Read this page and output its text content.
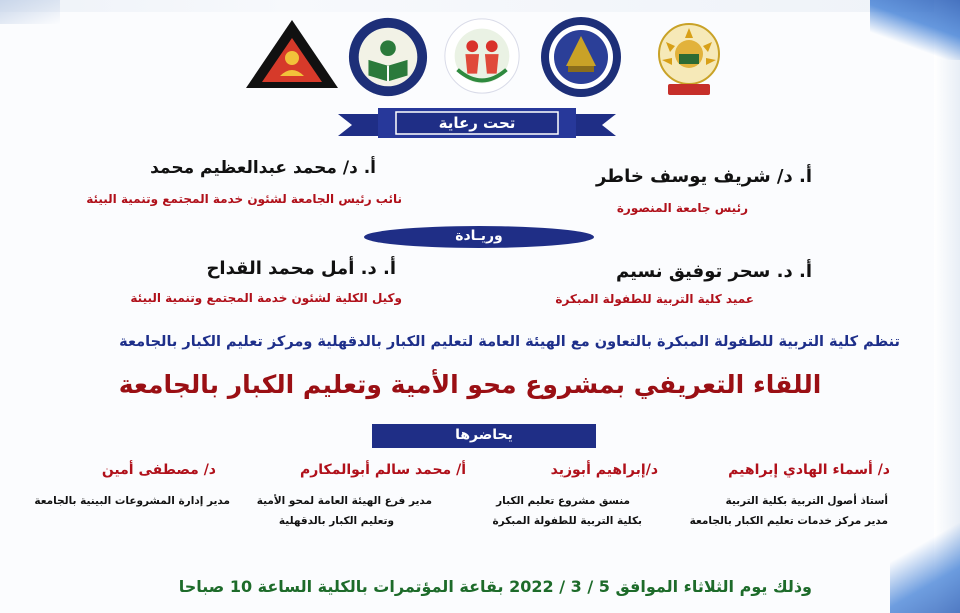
تحت رعاية
أ. د/ شريف يوسف خاطر
رئيس جامعة المنصورة
أ. د/ محمد عبدالعظيم محمد
نائب رئيس الجامعة لشئون خدمة المجتمع وتنمية البيئة
وريـادة
أ. د. سحر توفيق نسيم
عميد كلية التربية للطفولة المبكرة
أ. د. أمل محمد القداح
وكيل الكلية لشئون خدمة المجتمع وتنمية البيئة
تنظم كلية التربية للطفولة المبكرة بالتعاون مع الهيئة العامة لتعليم الكبار بالدقهلية ومركز تعليم الكبار بالجامعة
اللقاء التعريفي بمشروع محو الأمية وتعليم الكبار بالجامعة
يحاضرها
د/ أسماء الهادي إبراهيم
أستاذ أصول التربية بكلية التربية
مدير مركز خدمات تعليم الكبار بالجامعة
د/إبراهيم أبوزيد
منسق مشروع تعليم الكبار
بكلية التربية للطفولة المبكرة
أ/ محمد سالم أبوالمكارم
مدير فرع الهيئة العامة لمحو الأمية
وتعليم الكبار بالدقهلية
د/ مصطفى أمين
مدير إدارة المشروعات البينية بالجامعة
وذلك يوم الثلاثاء الموافق 5 / 3 / 2022 بقاعة المؤتمرات بالكلية الساعة 10 صباحا
